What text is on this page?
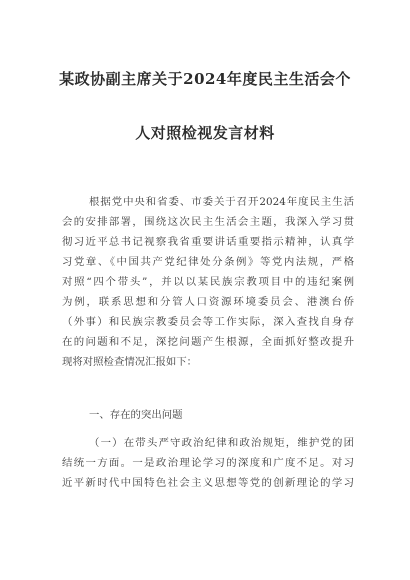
某政协副主席关于2024年度民主生活会个
人对照检视发言材料
根据党中央和省委、市委关于召开2024年度民主生活
会的安排部署，围绕这次民主生活会主题，我深入学习贯
彻习近平总书记视察我省重要讲话重要指示精神，认真学
习党章、《中国共产党纪律处分条例》等党内法规，严格
对照“四个带头”，并以以某民族宗教项目中的违纪案例
为例，联系思想和分管人口资源环境委员会、港澳台侨
（外事）和民族宗教委员会等工作实际，深入查找自身存
在的问题和不足，深挖问题产生根源，全面抓好整改提升
现将对照检查情况汇报如下：
一、存在的突出问题
（一）在带头严守政治纪律和政治规矩，维护党的团
结统一方面。一是政治理论学习的深度和广度不足。对习
近平新时代中国特色社会主义思想等党的创新理论的学习
